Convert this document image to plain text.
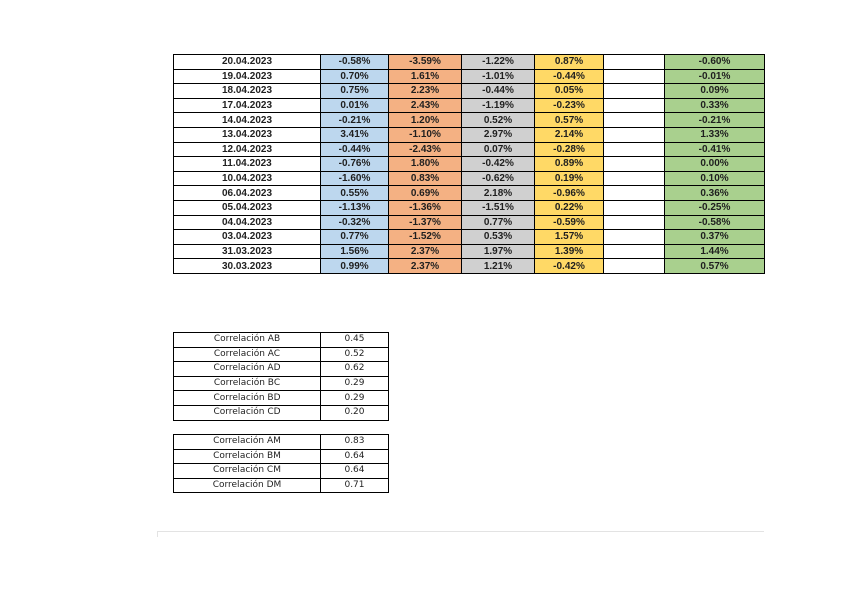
20.04.2023	-0.58%	-3.59%	-1.22%	0.87%		-0.60%
19.04.2023	0.70%	1.61%	-1.01%	-0.44%		-0.01%
18.04.2023	0.75%	2.23%	-0.44%	0.05%		0.09%
17.04.2023	0.01%	2.43%	-1.19%	-0.23%		0.33%
14.04.2023	-0.21%	1.20%	0.52%	0.57%		-0.21%
13.04.2023	3.41%	-1.10%	2.97%	2.14%		1.33%
12.04.2023	-0.44%	-2.43%	0.07%	-0.28%		-0.41%
11.04.2023	-0.76%	1.80%	-0.42%	0.89%		0.00%
10.04.2023	-1.60%	0.83%	-0.62%	0.19%		0.10%
06.04.2023	0.55%	0.69%	2.18%	-0.96%		0.36%
05.04.2023	-1.13%	-1.36%	-1.51%	0.22%		-0.25%
04.04.2023	-0.32%	-1.37%	0.77%	-0.59%		-0.58%
03.04.2023	0.77%	-1.52%	0.53%	1.57%		0.37%
31.03.2023	1.56%	2.37%	1.97%	1.39%		1.44%
30.03.2023	0.99%	2.37%	1.21%	-0.42%		0.57%
Correlación AB	0.45
Correlación AC	0.52
Correlación AD	0.62
Correlación BC	0.29
Correlación BD	0.29
Correlación CD	0.20
Correlación AM	0.83
Correlación BM	0.64
Correlación CM	0.64
Correlación DM	0.71
